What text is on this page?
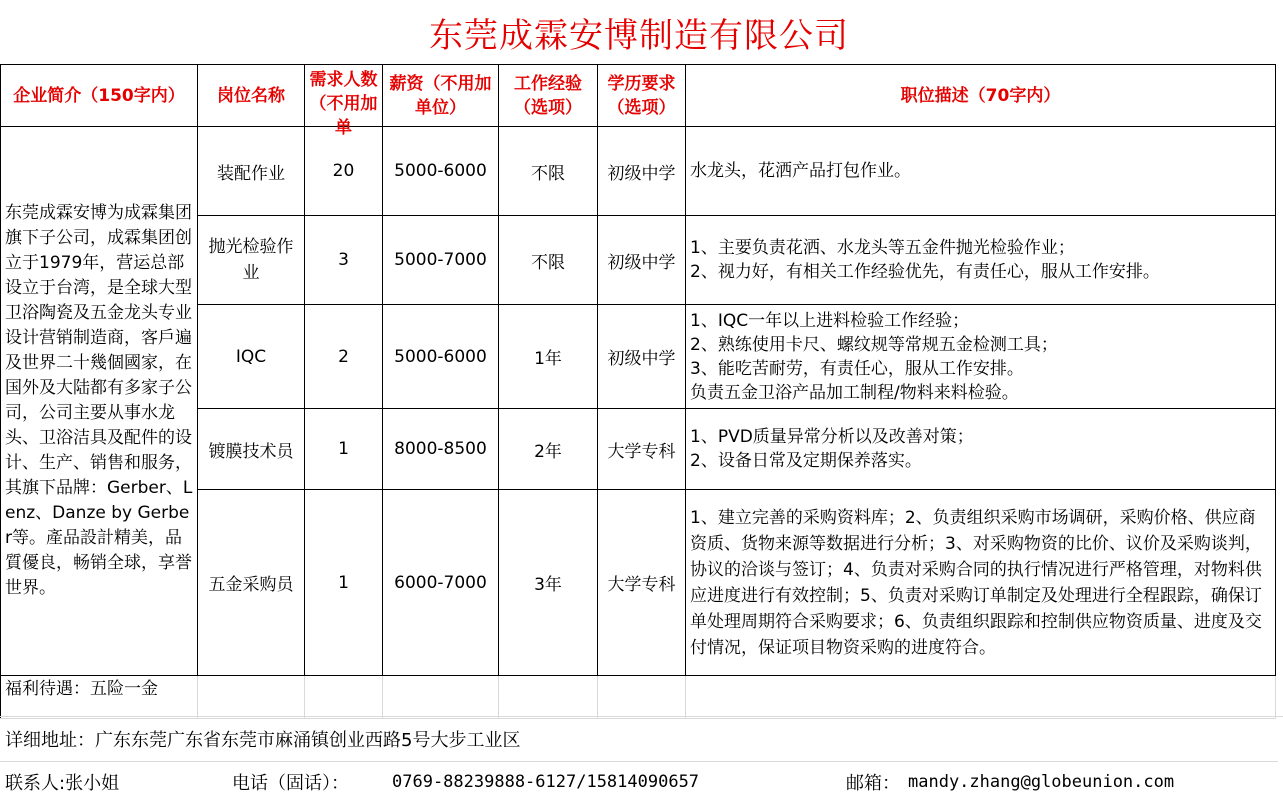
东莞成霖安博制造有限公司
企业简介（150字内）	岗位名称	需求人数（不用加单	薪资（不用加单位）	工作经验（选项）	学历要求（选项）	职位描述（70字内）

东莞成霖安博为成霖集团旗下子公司，成霖集团创立于1979年，营运总部设立于台湾，是全球大型卫浴陶瓷及五金龙头专业设计营销制造商，客戶遍及世界二十幾個國家，在国外及大陆都有多家子公司，公司主要从事水龙头、卫浴洁具及配件的设计、生产、销售和服务，其旗下品牌：Gerber、Lenz、Danze by Gerber等。產品設計精美，品質優良，畅销全球，享誉世界。	装配作业	20	5000-6000	不限	初级中学	水龙头，花洒产品打包作业。

	抛光检验作业	3	5000-7000	不限	初级中学	1、主要负责花洒、水龙头等五金件抛光检验作业；
2、视力好，有相关工作经验优先，有责任心，服从工作安排。

	IQC	2	5000-6000	1年	初级中学	1、IQC一年以上进料检验工作经验；
2、熟练使用卡尺、螺纹规等常规五金检测工具；
3、能吃苦耐劳，有责任心，服从工作安排。
负责五金卫浴产品加工制程/物料来料检验。

	镀膜技术员	1	8000-8500	2年	大学专科	1、PVD质量异常分析以及改善对策；
2、设备日常及定期保养落实。

	五金采购员	1	6000-7000	3年	大学专科	1、建立完善的采购资料库；2、负责组织采购市场调研，采购价格、供应商资质、货物来源等数据进行分析；3、对采购物资的比价、议价及采购谈判，协议的洽谈与签订；4、负责对采购合同的执行情况进行严格管理，对物料供应进度进行有效控制；5、负责对采购订单制定及处理进行全程跟踪，确保订单处理周期符合采购要求；6、负责组织跟踪和控制供应物资质量、进度及交付情况，保证项目物资采购的进度符合。

福利待遇：五险一金						

详细地址：广东东莞广东省东莞市麻涌镇创业西路5号大步工业区
联系人:张小姐	电话（固话）：	0769-88239888-6127/15814090657	邮箱： mandy.zhang@globeunion.com
